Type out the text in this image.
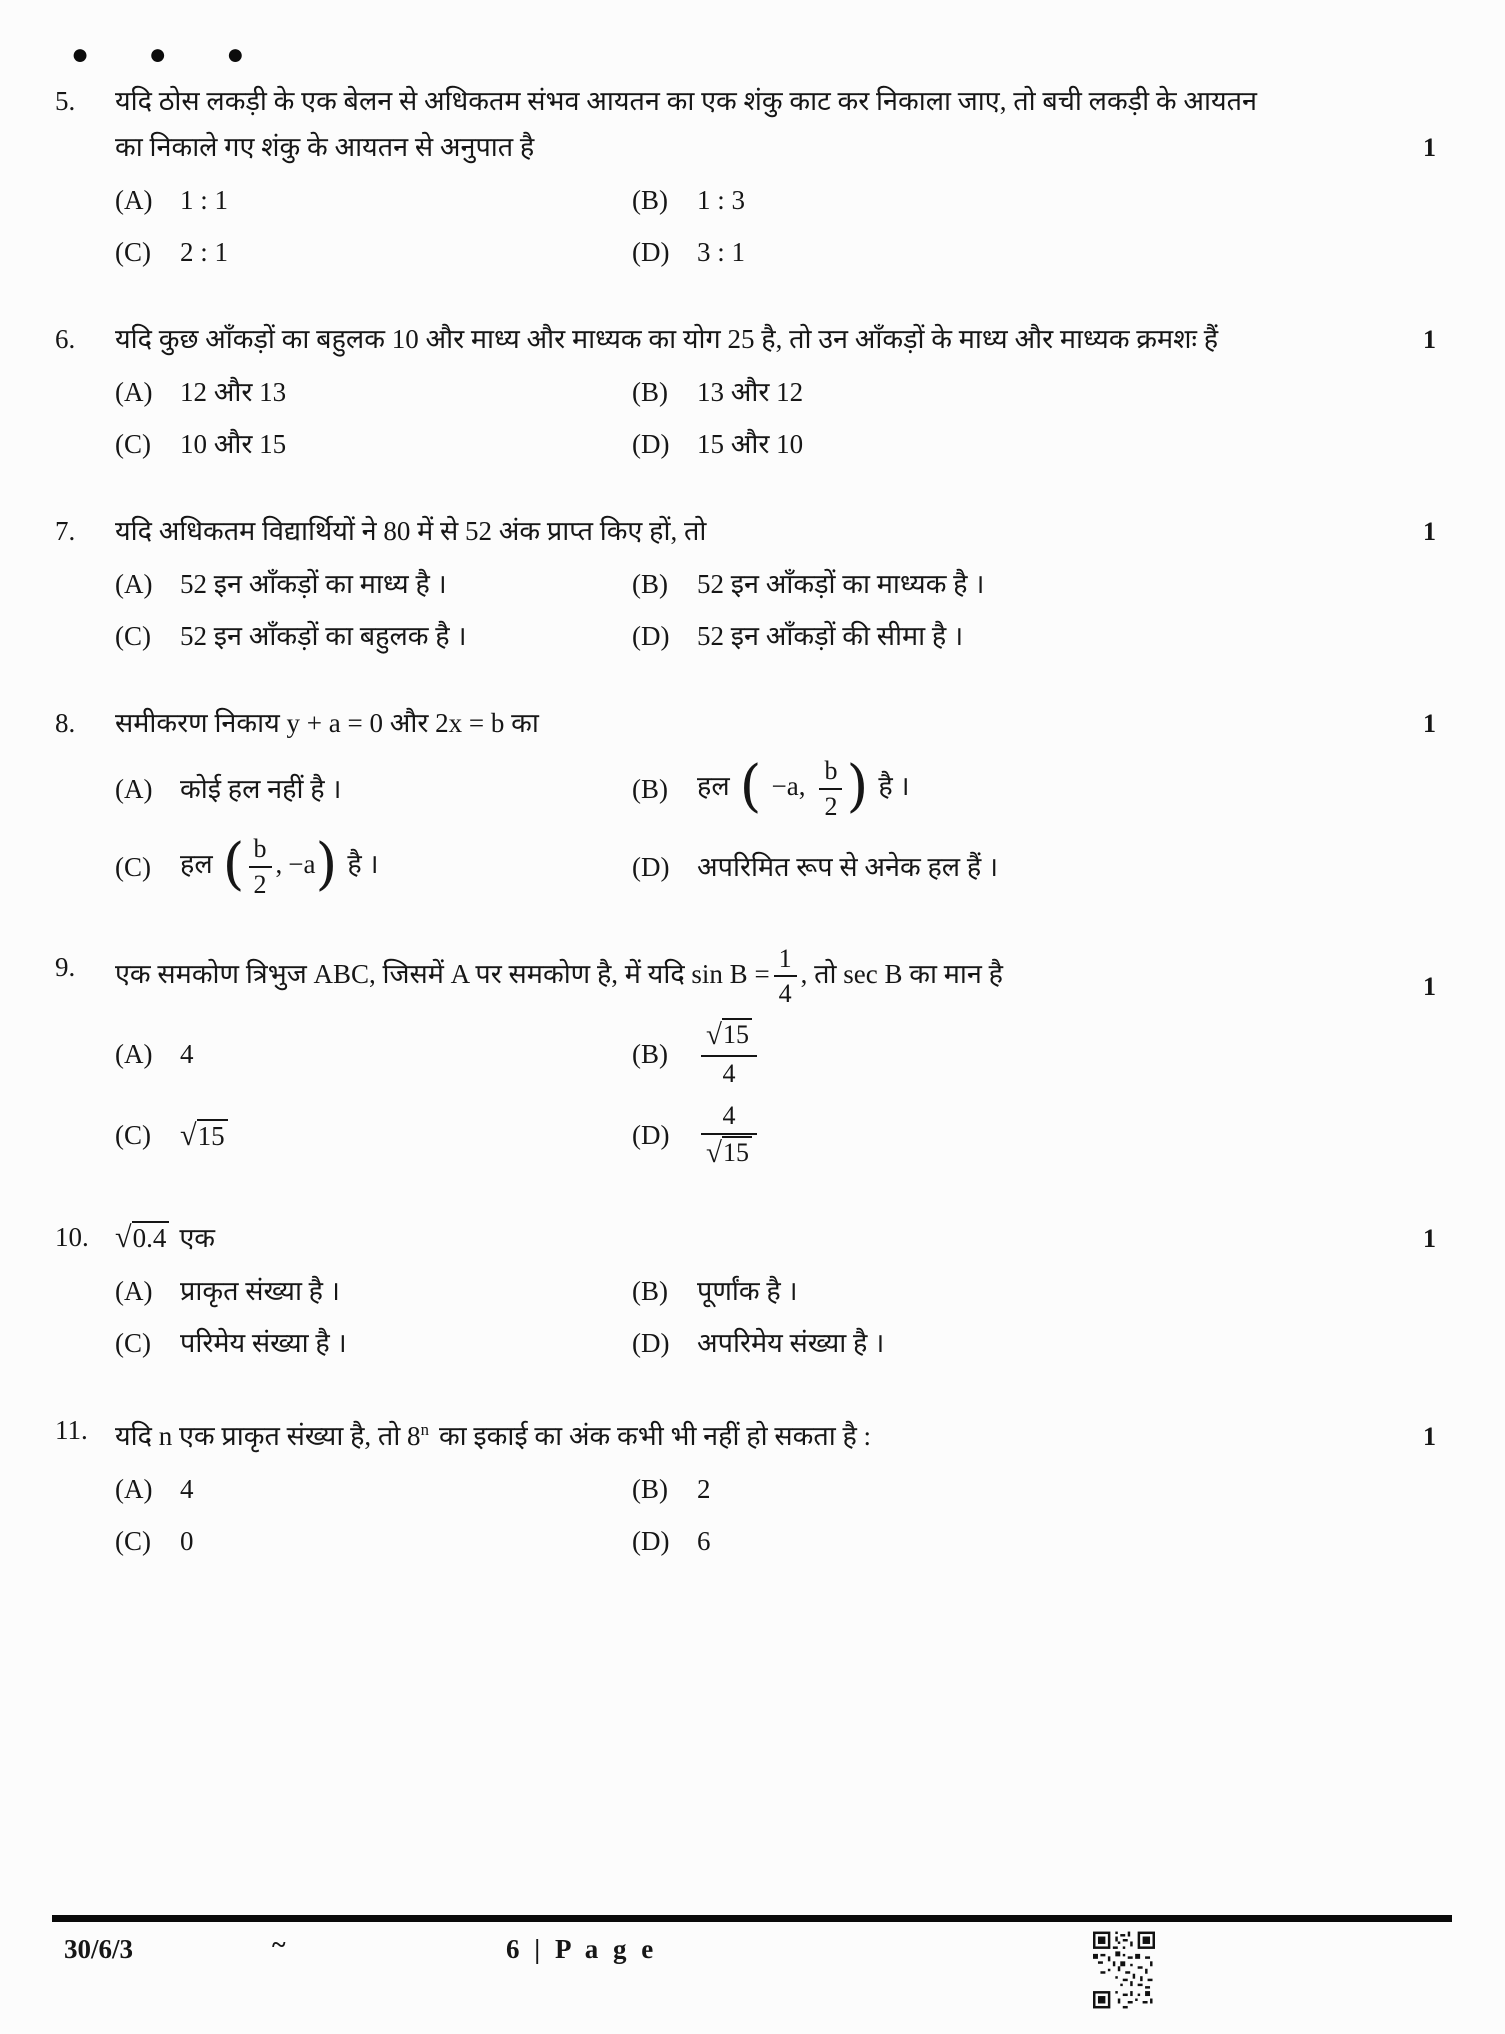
● ● ●
5.	यदि ठोस लकड़ी के एक बेलन से अधिकतम संभव आयतन का एक शंकु काट कर निकाला जाए, तो बची लकड़ी के आयतन का निकाले गए शंकु के आयतन से अनुपात है	1
(A)	1 : 1	(B)	1 : 3
(C)	2 : 1	(D)	3 : 1
6.	यदि कुछ आँकड़ों का बहुलक 10 और माध्य और माध्यक का योग 25 है, तो उन आँकड़ों के माध्य और माध्यक क्रमशः हैं	1
(A)	12 और 13	(B)	13 और 12
(C)	10 और 15	(D)	15 और 10
7.	यदि अधिकतम विद्यार्थियों ने 80 में से 52 अंक प्राप्त किए हों, तो	1
(A)	52 इन आँकड़ों का माध्य है ।	(B)	52 इन आँकड़ों का माध्यक है ।
(C)	52 इन आँकड़ों का बहुलक है ।	(D)	52 इन आँकड़ों की सीमा है ।
8.	समीकरण निकाय y + a = 0 और 2x = b का	1
(A)	कोई हल नहीं है ।	(B)	हल ( −a, $\frac{b}{2}$ ) है ।
(C)	हल ( $\frac{b}{2}$ , −a) है ।	(D)	अपरिमित रूप से अनेक हल हैं ।
9.	एक समकोण त्रिभुज ABC, जिसमें A पर समकोण है, में यदि $\sin B = \frac{1}{4}$ , तो sec B का मान है	1
(A)	4	(B)	$\frac{√15}{4}$
(C) √15	(D)	$\frac{4}{√15}$
10. √0.4 एक	1
(A)	प्राकृत संख्या है ।	(B)	पूर्णांक है ।
(C)	परिमेय संख्या है ।	(D)	अपरिमेय संख्या है ।
11.	यदि n एक प्राकृत संख्या है, तो 8$^n$ का इकाई का अंक कभी भी नहीं हो सकता है :	1
(A)	4	(B)	2
(C)	0	(D)	6
30/6/3	~	6 | P a g e
